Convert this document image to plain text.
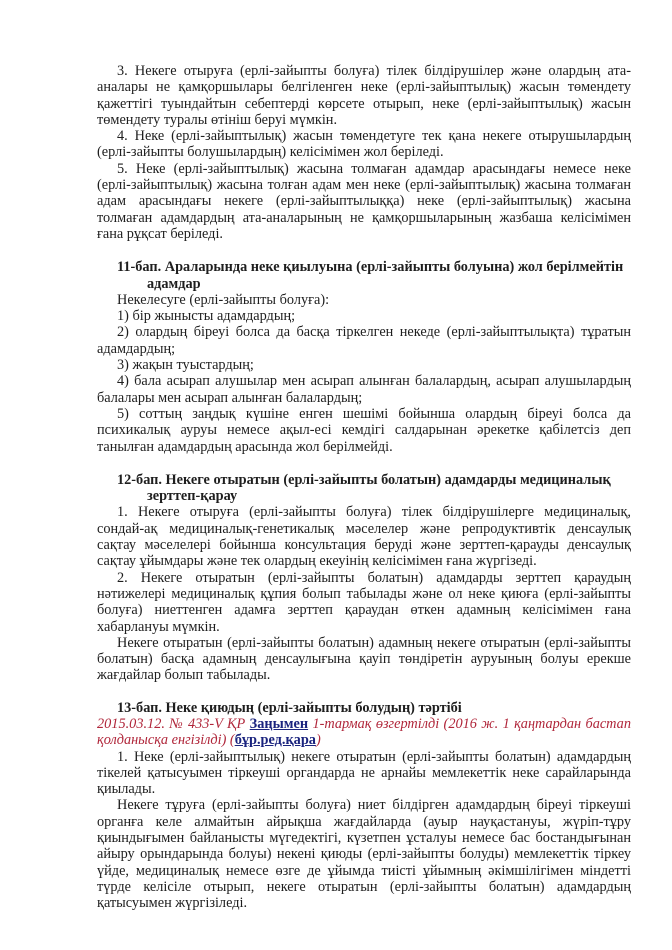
3. Некеге отыруға (ерлі-зайыпты болуға) тілек білдірушілер және олардың ата-аналары не қамқоршылары белгіленген неке (ерлі-зайыптылық) жасын төмендету қажеттігі туындайтын себептерді көрсете отырып, неке (ерлі-зайыптылық) жасын төмендету туралы өтініш беруі мүмкін.

4. Неке (ерлі-зайыптылық) жасын төмендетуге тек қана некеге отырушылардың (ерлі-зайыпты болушылардың) келісімімен жол беріледі.

5. Неке (ерлі-зайыптылық) жасына толмаған адамдар арасындағы немесе неке (ерлі-зайыптылық) жасына толған адам мен неке (ерлі-зайыптылық) жасына толмаған адам арасындағы некеге (ерлі-зайыптылыққа) неке (ерлі-зайыптылық) жасына толмаған адамдардың ата-аналарының не қамқоршыларының жазбаша келісімімен ғана рұқсат беріледі.

11-бап. Араларында неке қиылуына (ерлі-зайыпты болуына) жол берілмейтін
адамдар

Некелесуге (ерлі-зайыпты болуға):

1) бір жынысты адамдардың;

2) олардың біреуі болса да басқа тіркелген некеде (ерлі-зайыптылықта) тұратын адамдардың;

3) жақын туыстардың;

4) бала асырап алушылар мен асырап алынған балалардың, асырап алушылардың балалары мен асырап алынған балалардың;

5) соттың заңдық күшіне енген шешімі бойынша олардың біреуі болса да психикалық ауруы немесе ақыл-есі кемдігі салдарынан әрекетке қабілетсіз деп танылған адамдардың арасында жол берілмейді.

12-бап. Некеге отыратын (ерлі-зайыпты болатын) адамдарды медициналық
зерттеп-қарау

1. Некеге отыруға (ерлі-зайыпты болуға) тілек білдірушілерге медициналық, сондай-ақ медициналық-генетикалық мәселелер және репродуктивтік денсаулық сақтау мәселелері бойынша консультация беруді және зерттеп-қарауды денсаулық сақтау ұйымдары және тек олардың екеуінің келісімімен ғана жүргізеді.

2. Некеге отыратын (ерлі-зайыпты болатын) адамдарды зерттеп қараудың нәтижелері медициналық құпия болып табылады және ол неке қиюға (ерлі-зайыпты болуға) ниеттенген адамға зерттеп қараудан өткен адамның келісімімен ғана хабарлануы мүмкін.

Некеге отыратын (ерлі-зайыпты болатын) адамның некеге отыратын (ерлі-зайыпты болатын) басқа адамның денсаулығына қауіп төндіретін ауруының болуы ерекше жағдайлар болып табылады.

13-бап. Неке қиюдың (ерлі-зайыпты болудың) тәртібі

2015.03.12. № 433-V ҚР Заңымен 1-тармақ өзгертілді (2016 ж. 1 қаңтардан бастап қолданысқа енгізілді) (бұр.ред.қара)

1. Неке (ерлі-зайыптылық) некеге отыратын (ерлі-зайыпты болатын) адамдардың тікелей қатысуымен тіркеуші органдарда не арнайы мемлекеттік неке сарайларында қиылады.

Некеге тұруға (ерлі-зайыпты болуға) ниет білдірген адамдардың біреуі тіркеуші органға келе алмайтын айрықша жағдайларда (ауыр науқастануы, жүріп-тұру қиындығымен байланысты мүгедектігі, күзетпен ұсталуы немесе бас бостандығынан айыру орындарында болуы) некені қиюды (ерлі-зайыпты болуды) мемлекеттік тіркеу үйде, медициналық немесе өзге де ұйымда тиісті ұйымның әкімшілігімен міндетті түрде келісіле отырып, некеге отыратын (ерлі-зайыпты болатын) адамдардың қатысуымен жүргізіледі.
